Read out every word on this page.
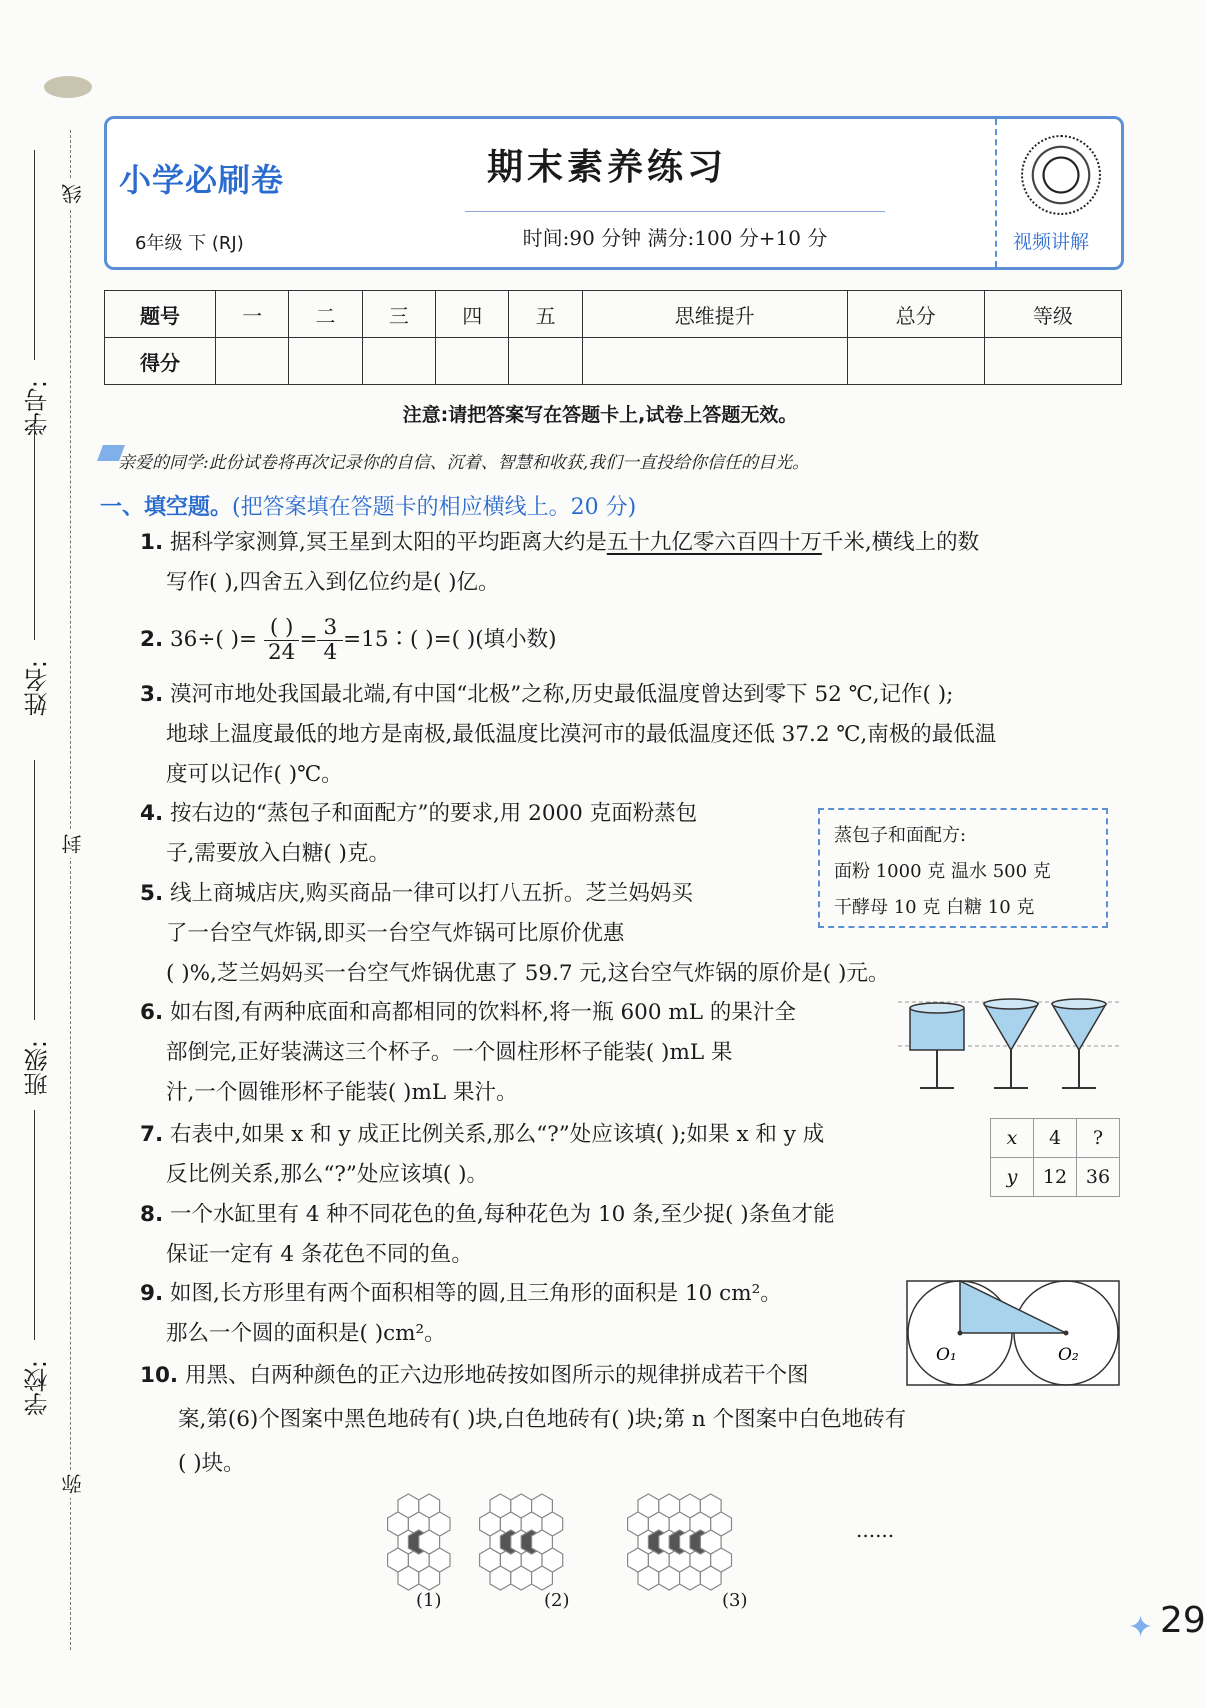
学号:
姓名:
班级:
学校:
线
封
弥
小学必刷卷
6年级 下 (RJ)
期末素养练习
时间:90 分钟 满分:100 分+10 分	视频讲解
题号	一	二	三	四	五	思维提升	总分	等级
得分								
注意:请把答案写在答题卡上,试卷上答题无效。
亲爱的同学:此份试卷将再次记录你的自信、沉着、智慧和收获,我们一直投给你信任的目光。
一、填空题。(把答案填在答题卡的相应横线上。20 分)
1. 据科学家测算,冥王星到太阳的平均距离大约是五十九亿零六百四十万千米,横线上的数
写作( ),四舍五入到亿位约是( )亿。
2. 36÷( )= $\frac{( )}{24} = \frac{3}{4}$ =15∶( )=( )(填小数)
3. 漠河市地处我国最北端,有中国“北极”之称,历史最低温度曾达到零下 52 ℃,记作( );
地球上温度最低的地方是南极,最低温度比漠河市的最低温度还低 37.2 ℃,南极的最低温
度可以记作( )℃。
4. 按右边的“蒸包子和面配方”的要求,用 2000 克面粉蒸包
子,需要放入白糖( )克。
蒸包子和面配方:
面粉 1000 克 温水 500 克
干酵母 10 克 白糖 10 克
5. 线上商城店庆,购买商品一律可以打八五折。芝兰妈妈买
了一台空气炸锅,即买一台空气炸锅可比原价优惠
( )%,芝兰妈妈买一台空气炸锅优惠了 59.7 元,这台空气炸锅的原价是( )元。
6. 如右图,有两种底面和高都相同的饮料杯,将一瓶 600 mL 的果汁全
部倒完,正好装满这三个杯子。一个圆柱形杯子能装( )mL 果
汁,一个圆锥形杯子能装( )mL 果汁。
7. 右表中,如果 x 和 y 成正比例关系,那么“?”处应该填( );如果 x 和 y 成
反比例关系,那么“?”处应该填( )。
x	4	?
y	12	36
8. 一个水缸里有 4 种不同花色的鱼,每种花色为 10 条,至少捉( )条鱼才能
保证一定有 4 条花色不同的鱼。
9. 如图,长方形里有两个面积相等的圆,且三角形的面积是 10 cm²。
那么一个圆的面积是( )cm²。
O₁	O₂
10. 用黑、白两种颜色的正六边形地砖按如图所示的规律拼成若干个图
案,第(6)个图案中黑色地砖有( )块,白色地砖有( )块;第 n 个图案中白色地砖有
( )块。
(1)	(2)	(3)
......
✦ 29
